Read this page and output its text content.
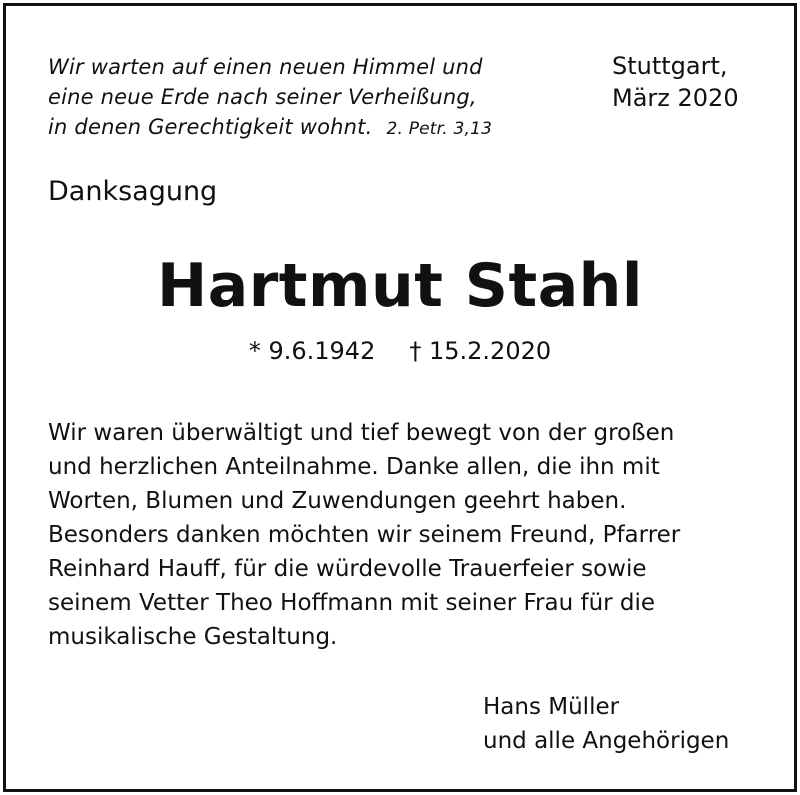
Wir warten auf einen neuen Himmel und
eine neue Erde nach seiner Verheißung,
in denen Gerechtigkeit wohnt. 2. Petr. 3,13
Stuttgart,
März 2020
Danksagung
Hartmut Stahl
* 9.6.1942 † 15.2.2020
Wir waren überwältigt und tief bewegt von der großen
und herzlichen Anteilnahme. Danke allen, die ihn mit
Worten, Blumen und Zuwendungen geehrt haben.
Besonders danken möchten wir seinem Freund, Pfarrer
Reinhard Hauff, für die würdevolle Trauerfeier sowie
seinem Vetter Theo Hoffmann mit seiner Frau für die
musikalische Gestaltung.
Hans Müller
und alle Angehörigen
